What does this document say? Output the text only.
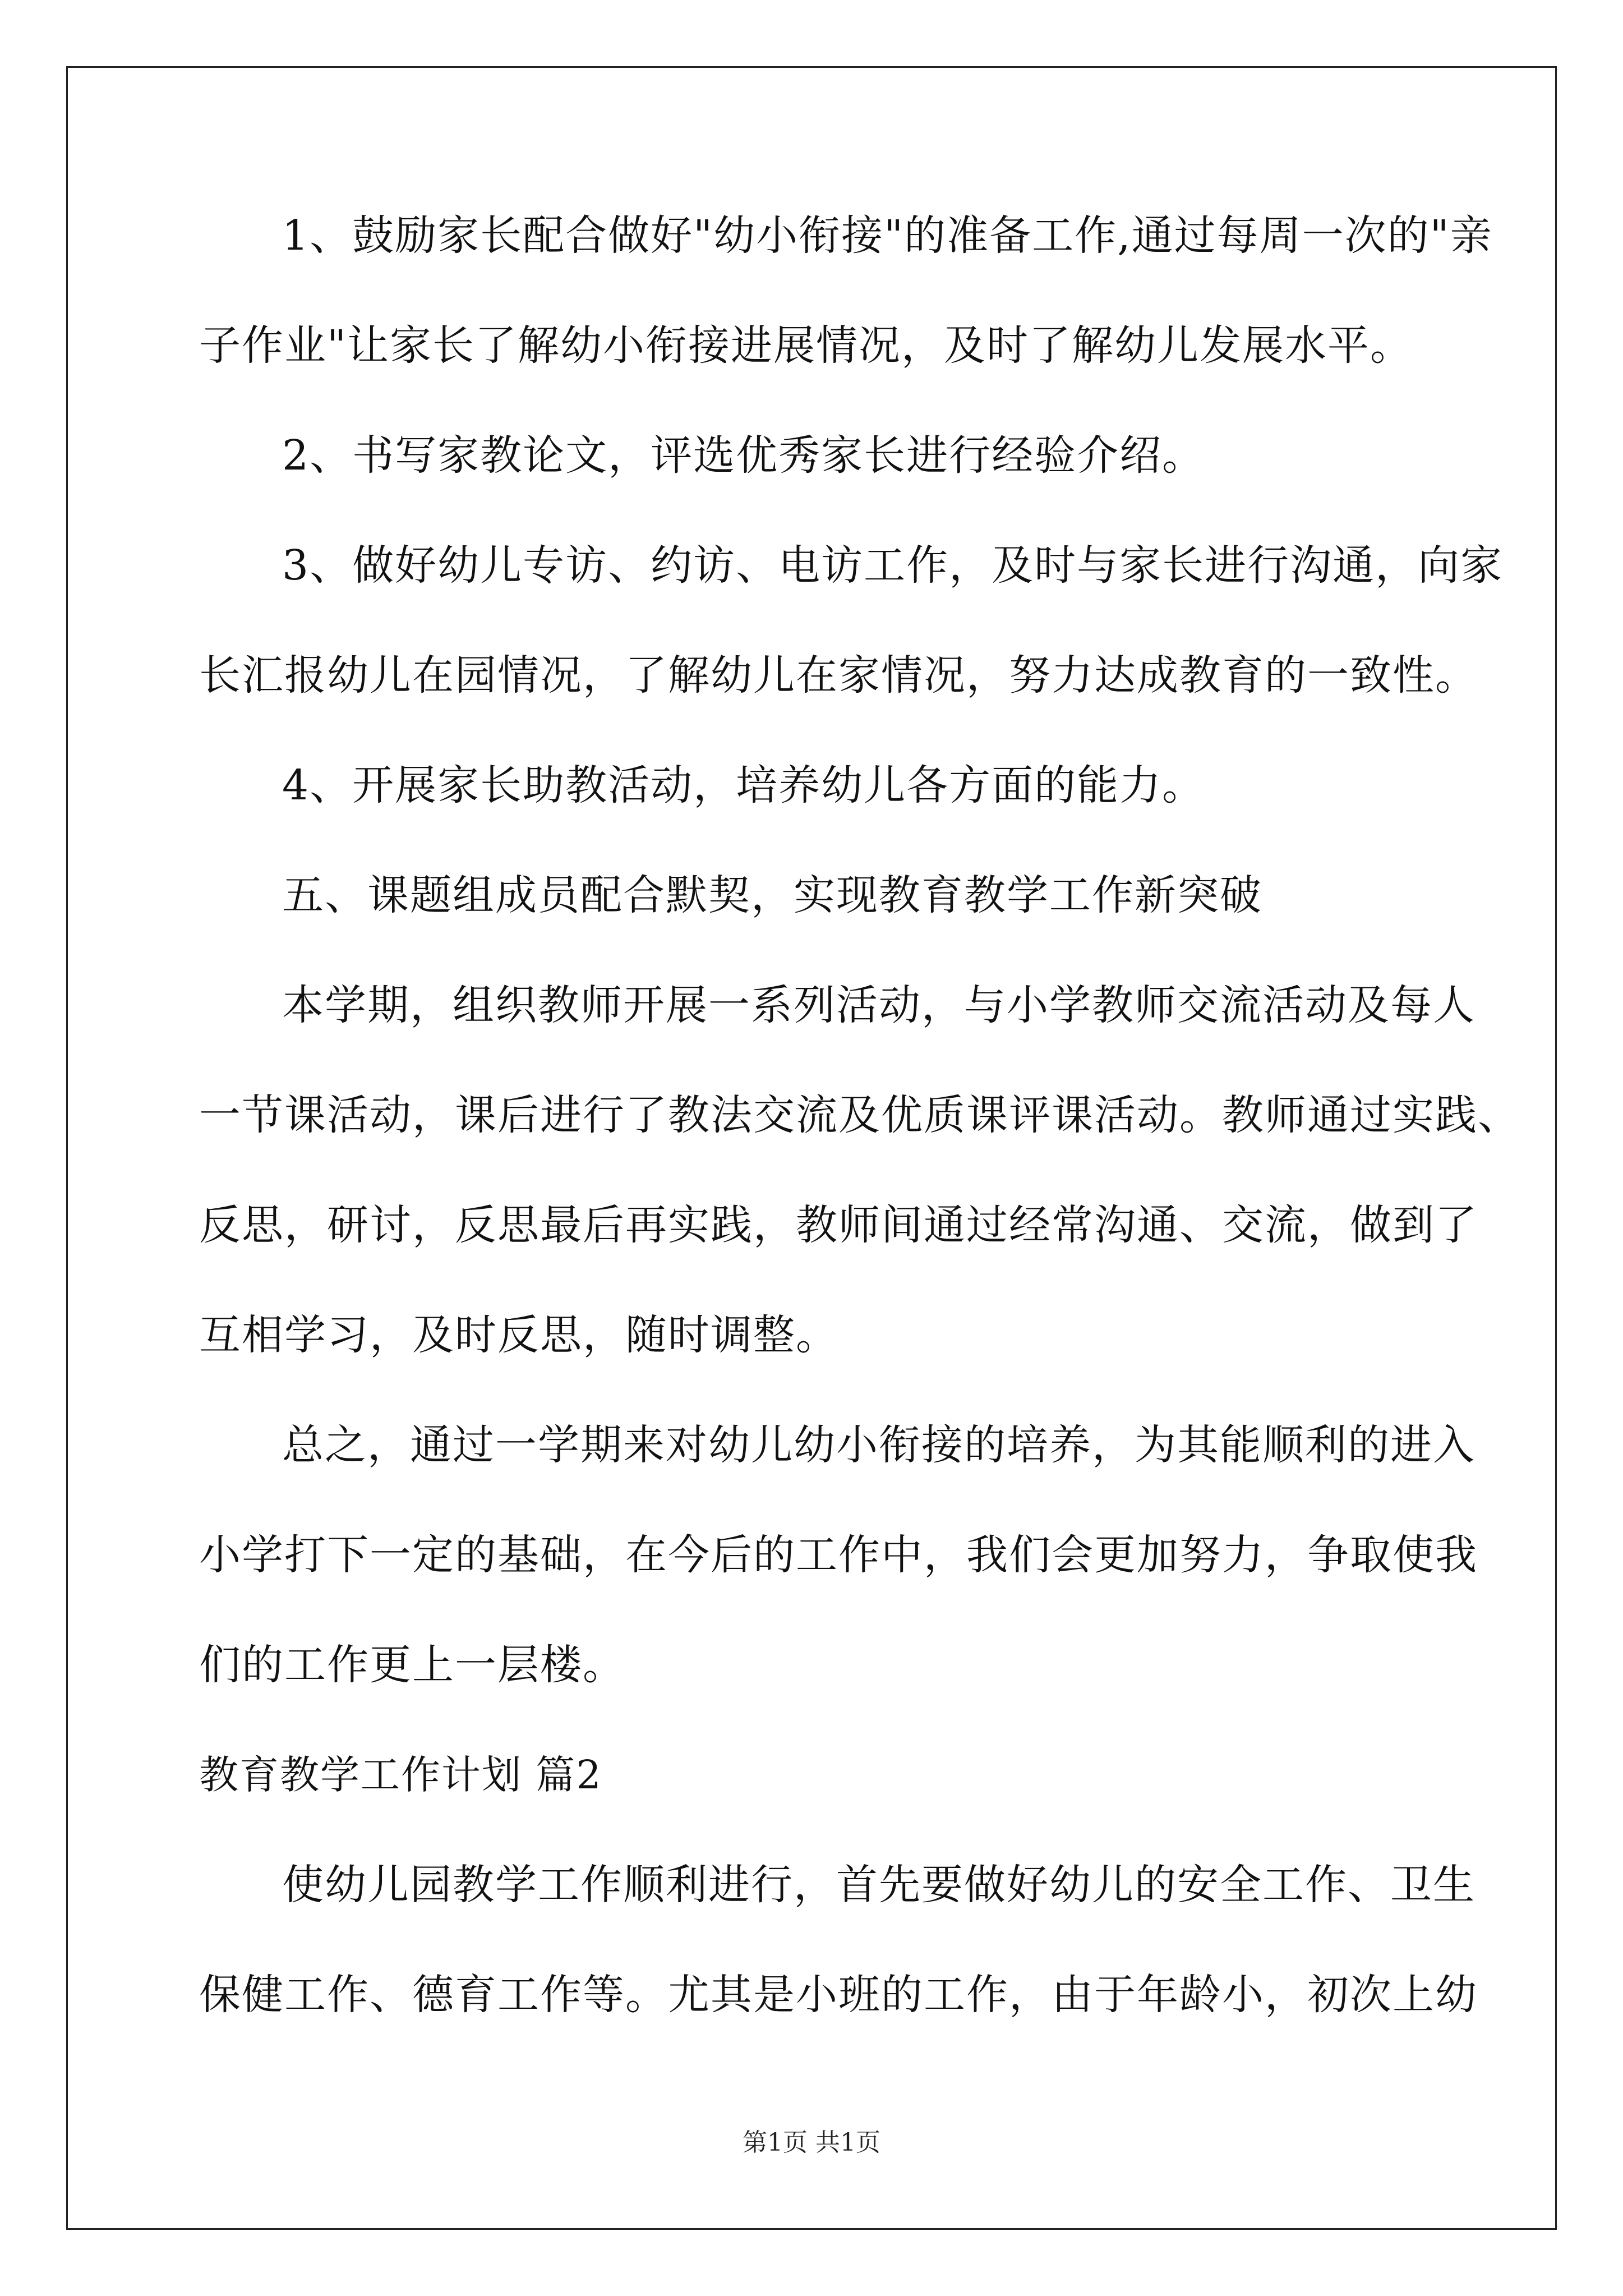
1、鼓励家长配合做好"幼小衔接"的准备工作,通过每周一次的"亲
子作业"让家长了解幼小衔接进展情况，及时了解幼儿发展水平。
2、书写家教论文，评选优秀家长进行经验介绍。
3、做好幼儿专访、约访、电访工作，及时与家长进行沟通，向家
长汇报幼儿在园情况，了解幼儿在家情况，努力达成教育的一致性。
4、开展家长助教活动，培养幼儿各方面的能力。
五、课题组成员配合默契，实现教育教学工作新突破
本学期，组织教师开展一系列活动，与小学教师交流活动及每人
一节课活动，课后进行了教法交流及优质课评课活动。教师通过实践、
反思，研讨，反思最后再实践，教师间通过经常沟通、交流，做到了
互相学习，及时反思，随时调整。
总之，通过一学期来对幼儿幼小衔接的培养，为其能顺利的进入
小学打下一定的基础，在今后的工作中，我们会更加努力，争取使我
们的工作更上一层楼。
教育教学工作计划 篇2
使幼儿园教学工作顺利进行，首先要做好幼儿的安全工作、卫生
保健工作、德育工作等。尤其是小班的工作，由于年龄小，初次上幼
第1页 共1页
